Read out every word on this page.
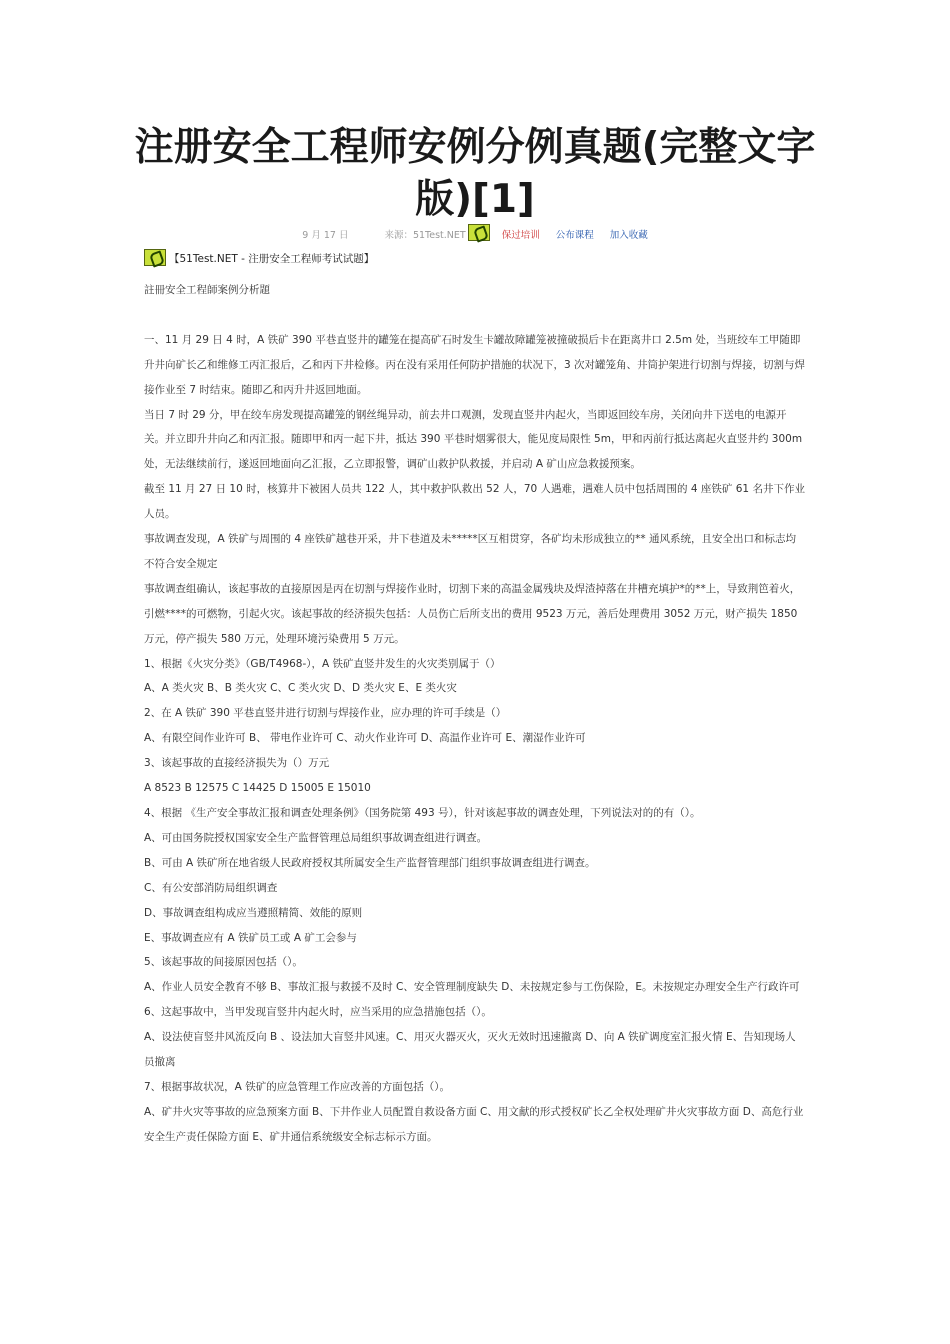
注册安全工程师安例分例真题(完整文字版)[1]
9 月 17 日	来源：51Test.NET	保过培训 公布课程 加入收藏
【51Test.NET - 注册安全工程师考试试题】

註冊安全工程師案例分析題

一、11 月 29 日 4 时，A 铁矿 390 平巷直竖井的罐笼在提高矿石时发生卡罐故障罐笼被撞破损后卡在距离井口 2.5m 处，当班绞车工甲随即升井向矿长乙和维修工丙汇报后，乙和丙下井检修。丙在没有采用任何防护措施的状况下，3 次对罐笼角、井筒护架进行切割与焊接，切割与焊接作业至 7 时结束。随即乙和丙升井返回地面。

当日 7 时 29 分，甲在绞车房发现提高罐笼的钢丝绳异动，前去井口观测，发现直竖井内起火，当即返回绞车房，关闭向井下送电的电源开关。并立即升井向乙和丙汇报。随即甲和丙一起下井，抵达 390 平巷时烟雾很大，能见度局限性 5m，甲和丙前行抵达离起火直竖井约 300m 处，无法继续前行，遂返回地面向乙汇报，乙立即报警，调矿山救护队救援，并启动 A 矿山应急救援预案。

截至 11 月 27 日 10 时，核算井下被困人员共 122 人，其中救护队救出 52 人，70 人遇难，遇难人员中包括周围的 4 座铁矿 61 名井下作业人员。

事故调查发现，A 铁矿与周围的 4 座铁矿越巷开采，井下巷道及未*****区互相贯穿，各矿均未形成独立的** 通风系统，且安全出口和标志均不符合安全规定

事故调查组确认，该起事故的直接原因是丙在切割与焊接作业时，切割下来的高温金属残块及焊渣掉落在井槽充填护*的**上，导致荆笆着火，引燃****的可燃物，引起火灾。该起事故的经济损失包括：人员伤亡后所支出的费用 9523 万元，善后处理费用 3052 万元，财产损失 1850 万元，停产损失 580 万元，处理环境污染费用 5 万元。

1、根据《火灾分类》（GB/T4968-），A 铁矿直竖井发生的火灾类别属于（）

A、A 类火灾 B、B 类火灾 C、C 类火灾 D、D 类火灾 E、E 类火灾

2、在 A 铁矿 390 平巷直竖井进行切割与焊接作业，应办理的许可手续是（）

A、有限空间作业许可 B、 带电作业许可 C、动火作业许可 D、高温作业许可 E、潮湿作业许可

3、该起事故的直接经济损失为（）万元

A 8523 B 12575 C 14425 D 15005 E 15010

4、根据 《生产安全事故汇报和调查处理条例》（国务院第 493 号），针对该起事故的调查处理，下列说法对的的有（）。

A、可由国务院授权国家安全生产监督管理总局组织事故调查组进行调查。

B、可由 A 铁矿所在地省级人民政府授权其所属安全生产监督管理部门组织事故调查组进行调查。

C、有公安部消防局组织调查

D、事故调查组构成应当遵照精简、效能的原则

E、事故调查应有 A 铁矿员工或 A 矿工会参与

5、该起事故的间接原因包括（）。

A、作业人员安全教育不够 B、事故汇报与救援不及时 C、安全管理制度缺失 D、未按规定参与工伤保险，E。未按规定办理安全生产行政许可

6、这起事故中，当甲发现盲竖井内起火时，应当采用的应急措施包括（）。

A、设法使盲竖井风流反向 B 、设法加大盲竖井风速。C、用灭火器灭火，灭火无效时迅速撤离 D、向 A 铁矿调度室汇报火情 E、告知现场人员撤离

7、根据事故状况，A 铁矿的应急管理工作应改善的方面包括（）。

A、矿井火灾等事故的应急预案方面 B、下井作业人员配置自救设备方面 C、用文献的形式授权矿长乙全权处理矿井火灾事故方面 D、高危行业安全生产责任保险方面 E、矿井通信系统级安全标志标示方面。
